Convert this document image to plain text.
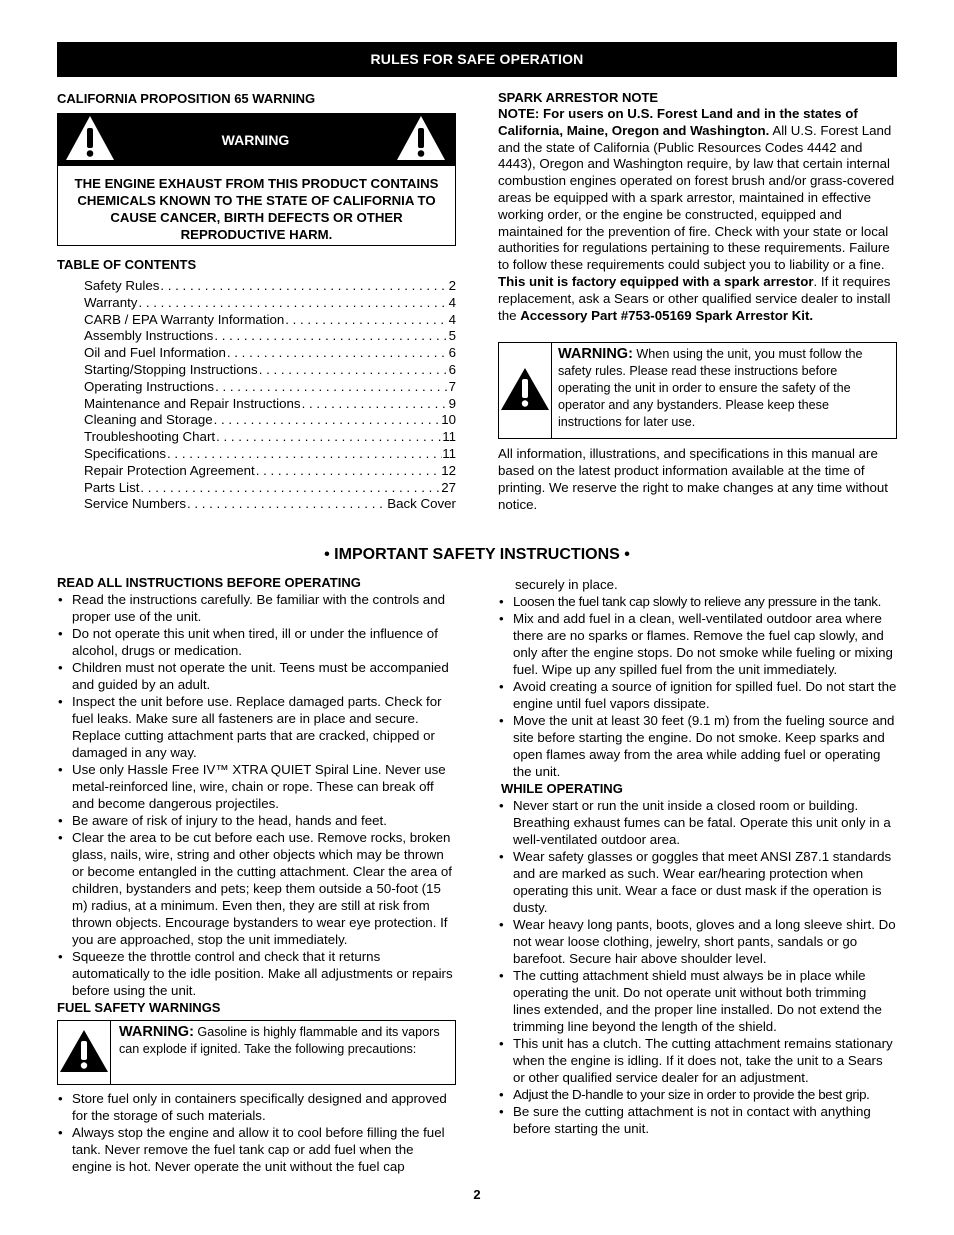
RULES FOR SAFE OPERATION
CALIFORNIA PROPOSITION 65 WARNING
WARNING
THE ENGINE EXHAUST FROM THIS PRODUCT CONTAINS CHEMICALS KNOWN TO THE STATE OF CALIFORNIA TO CAUSE CANCER, BIRTH DEFECTS OR OTHER REPRODUCTIVE HARM.
TABLE OF CONTENTS
Safety Rules . . .	2
Warranty . . .	4
CARB / EPA Warranty Information . . .	4
Assembly Instructions . . .	5
Oil and Fuel Information . . .	6
Starting/Stopping Instructions . . .	6
Operating Instructions . . .	7
Maintenance and Repair Instructions . . .	9
Cleaning and Storage . . .	10
Troubleshooting Chart . . .	11
Specifications . . .	11
Repair Protection Agreement . . .	12
Parts List . . .	27
Service Numbers . . .	Back Cover
SPARK ARRESTOR NOTE
NOTE: For users on U.S. Forest Land and in the states of California, Maine, Oregon and Washington. All U.S. Forest Land and the state of California (Public Resources Codes 4442 and 4443), Oregon and Washington require, by law that certain internal combustion engines operated on forest brush and/or grass-covered areas be equipped with a spark arrestor, maintained in effective working order, or the engine be constructed, equipped and maintained for the prevention of fire. Check with your state or local authorities for regulations pertaining to these requirements. Failure to follow these requirements could subject you to liability or a fine. This unit is factory equipped with a spark arrestor. If it requires replacement, ask a Sears or other qualified service dealer to install the Accessory Part #753-05169 Spark Arrestor Kit.
WARNING: When using the unit, you must follow the safety rules. Please read these instructions before operating the unit in order to ensure the safety of the operator and any bystanders. Please keep these instructions for later use.
All information, illustrations, and specifications in this manual are based on the latest product information available at the time of printing. We reserve the right to make changes at any time without notice.
• IMPORTANT SAFETY INSTRUCTIONS •
READ ALL INSTRUCTIONS BEFORE OPERATING
• Read the instructions carefully. Be familiar with the controls and proper use of the unit.
• Do not operate this unit when tired, ill or under the influence of alcohol, drugs or medication.
• Children must not operate the unit. Teens must be accompanied and guided by an adult.
• Inspect the unit before use. Replace damaged parts. Check for fuel leaks. Make sure all fasteners are in place and secure. Replace cutting attachment parts that are cracked, chipped or damaged in any way.
• Use only Hassle Free IV™ XTRA QUIET Spiral Line. Never use metal-reinforced line, wire, chain or rope. These can break off and become dangerous projectiles.
• Be aware of risk of injury to the head, hands and feet.
• Clear the area to be cut before each use. Remove rocks, broken glass, nails, wire, string and other objects which may be thrown or become entangled in the cutting attachment. Clear the area of children, bystanders and pets; keep them outside a 50-foot (15 m) radius, at a minimum. Even then, they are still at risk from thrown objects. Encourage bystanders to wear eye protection. If you are approached, stop the unit immediately.
• Squeeze the throttle control and check that it returns automatically to the idle position. Make all adjustments or repairs before using the unit.
FUEL SAFETY WARNINGS
WARNING: Gasoline is highly flammable and its vapors can explode if ignited. Take the following precautions:
• Store fuel only in containers specifically designed and approved for the storage of such materials.
• Always stop the engine and allow it to cool before filling the fuel tank. Never remove the fuel tank cap or add fuel when the engine is hot. Never operate the unit without the fuel cap
securely in place.
• Loosen the fuel tank cap slowly to relieve any pressure in the tank.
• Mix and add fuel in a clean, well-ventilated outdoor area where there are no sparks or flames. Remove the fuel cap slowly, and only after the engine stops. Do not smoke while fueling or mixing fuel. Wipe up any spilled fuel from the unit immediately.
• Avoid creating a source of ignition for spilled fuel. Do not start the engine until fuel vapors dissipate.
• Move the unit at least 30 feet (9.1 m) from the fueling source and site before starting the engine. Do not smoke. Keep sparks and open flames away from the area while adding fuel or operating the unit.
WHILE OPERATING
• Never start or run the unit inside a closed room or building. Breathing exhaust fumes can be fatal. Operate this unit only in a well-ventilated outdoor area.
• Wear safety glasses or goggles that meet ANSI Z87.1 standards and are marked as such. Wear ear/hearing protection when operating this unit. Wear a face or dust mask if the operation is dusty.
• Wear heavy long pants, boots, gloves and a long sleeve shirt. Do not wear loose clothing, jewelry, short pants, sandals or go barefoot. Secure hair above shoulder level.
• The cutting attachment shield must always be in place while operating the unit. Do not operate unit without both trimming lines extended, and the proper line installed. Do not extend the trimming line beyond the length of the shield.
• This unit has a clutch. The cutting attachment remains stationary when the engine is idling. If it does not, take the unit to a Sears or other qualified service dealer for an adjustment.
• Adjust the D-handle to your size in order to provide the best grip.
• Be sure the cutting attachment is not in contact with anything before starting the unit.
2
